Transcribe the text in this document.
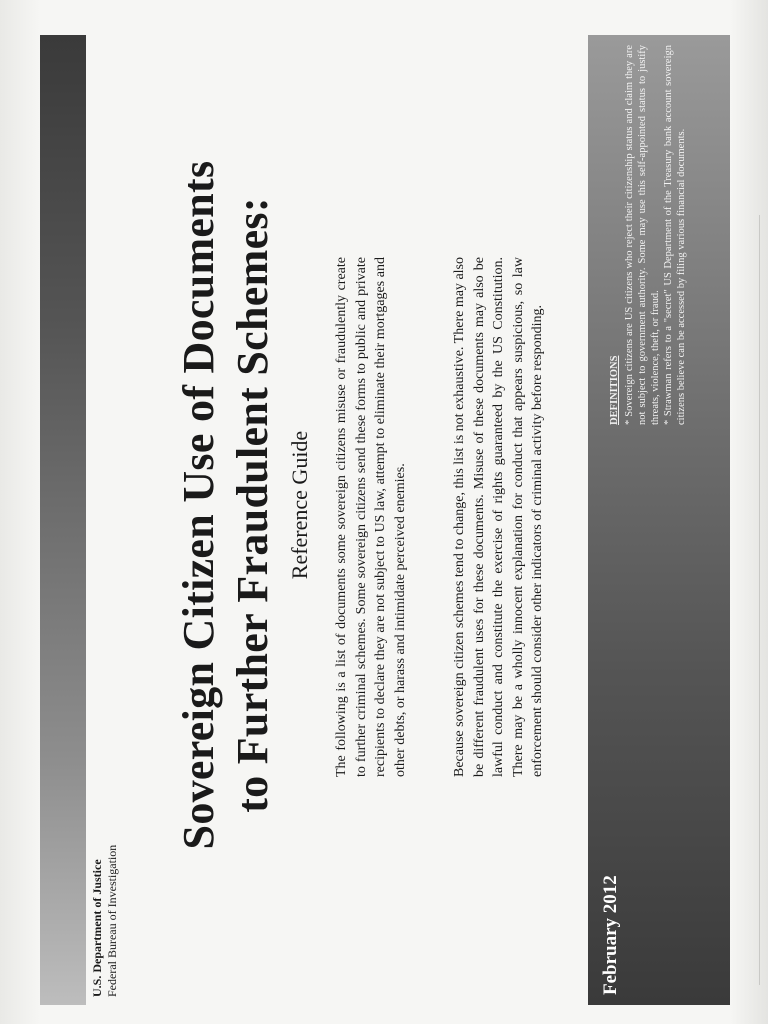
U.S. Department of Justice Federal Bureau of Investigation
Sovereign Citizen Use of Documents to Further Fraudulent Schemes: Reference Guide The following is a list of documents some sovereign citizens misuse or fraudulently create to further criminal schemes. Some sovereign citizens send these forms to public and private recipients to declare they are not subject to US law, attempt to eliminate their mortgages and other debts, or harass and intimidate perceived enemies.	Because sovereign citizen schemes tend to change, this list is not exhaustive. There may also be different fraudulent uses for these documents. Misuse of these documents may also be lawful conduct and constitute the exercise of rights guaranteed by the US Constitution. There may be a wholly innocent explanation for conduct that appears suspicious, so law enforcement should consider other indicators of criminal activity before responding.
February 2012
DEFINITIONS * Sovereign citizens are US citizens who reject their citizenship status and claim they are not subject to government authority. Some may use this self-appointed status to justify threats, violence, theft, or fraud. * Strawman refers to a "secret" US Department of the Treasury bank account sovereign citizens believe can be accessed by filing various financial documents.
